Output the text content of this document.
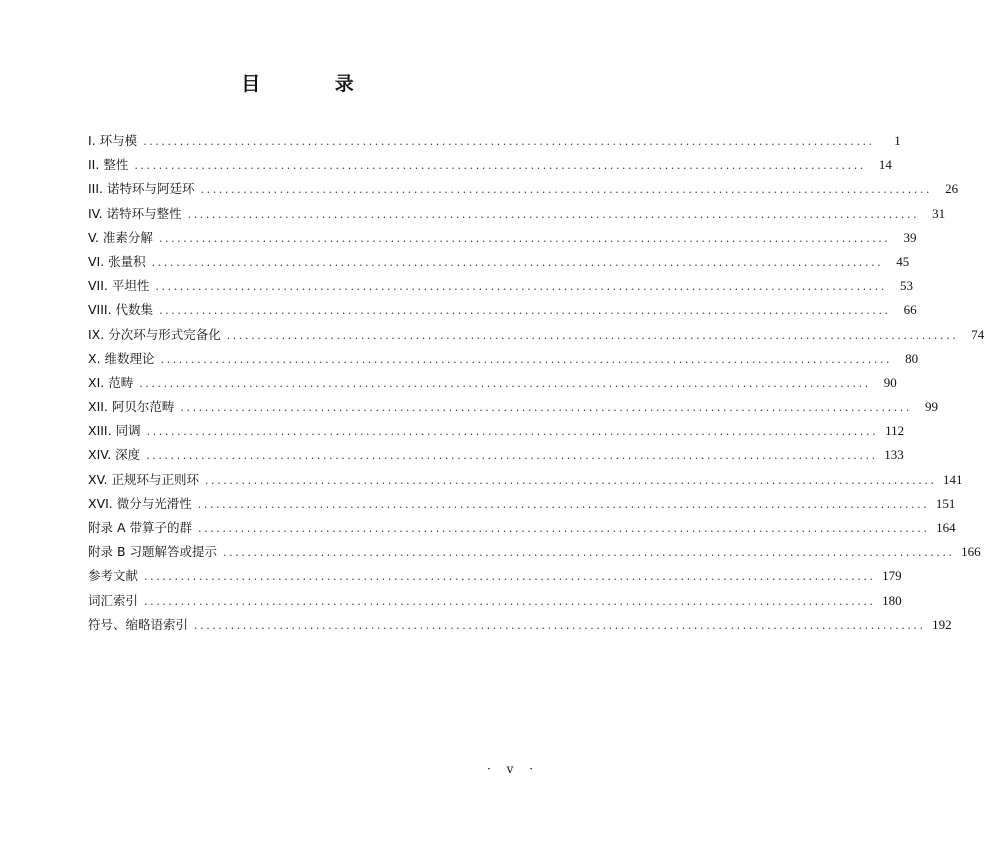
目 录
I. 环与模 ........................................................................................................................	1
II. 整性 ........................................................................................................................	14
III. 诺特环与阿廷环 ........................................................................................................................	26
IV. 诺特环与整性 ........................................................................................................................	31
V. 准素分解 ........................................................................................................................	39
VI. 张量积 ........................................................................................................................	45
VII. 平坦性 ........................................................................................................................	53
VIII. 代数集 ........................................................................................................................	66
IX. 分次环与形式完备化 ........................................................................................................................	74
X. 维数理论 ........................................................................................................................	80
XI. 范畴 ........................................................................................................................	90
XII. 阿贝尔范畴 ........................................................................................................................	99
XIII. 同调 ........................................................................................................................ 112
XIV. 深度 ........................................................................................................................ 133
XV. 正规环与正则环 ........................................................................................................................ 141
XVI. 微分与光滑性 ........................................................................................................................ 151
附录 A 带算子的群 ........................................................................................................................ 164
附录 B 习题解答或提示 ........................................................................................................................ 166
参考文献 ........................................................................................................................ 179
词汇索引 ........................................................................................................................ 180
符号、缩略语索引 ........................................................................................................................ 192
· v ·
